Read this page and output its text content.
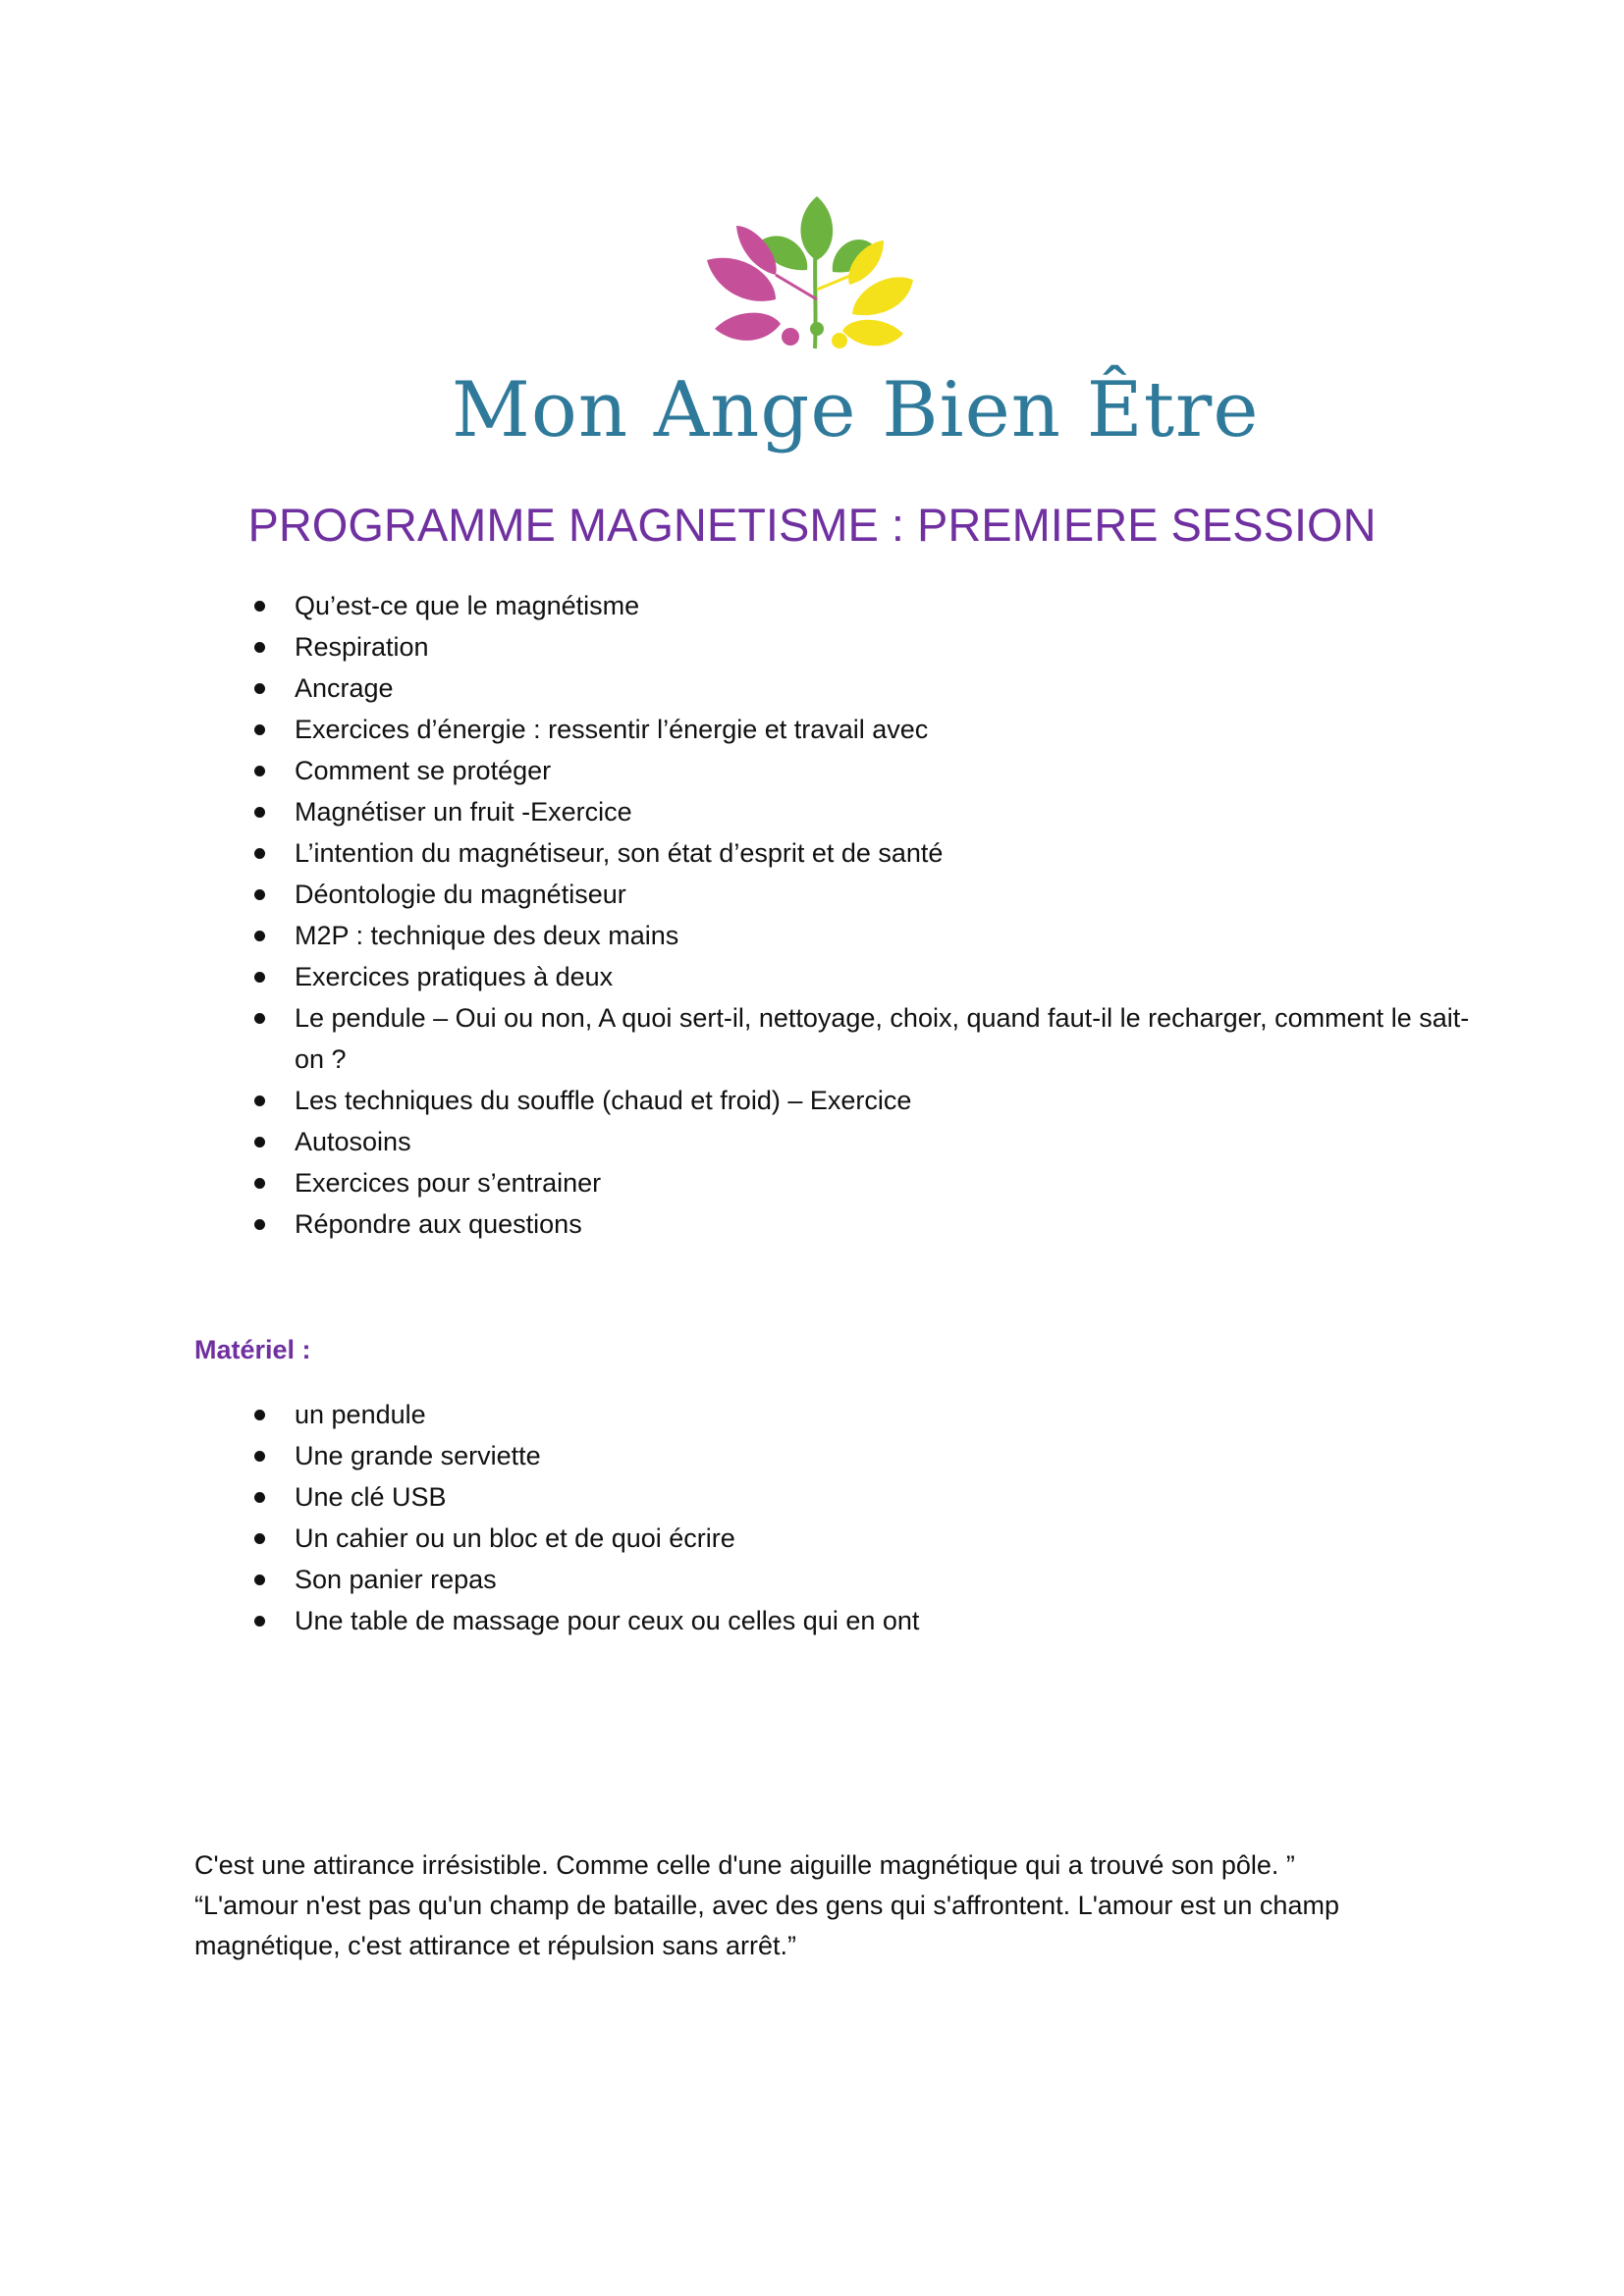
Mon Ange Bien Être
PROGRAMME MAGNETISME : PREMIERE SESSION
Qu’est-ce que le magnétisme
Respiration
Ancrage
Exercices d’énergie : ressentir l’énergie et travail avec
Comment se protéger
Magnétiser un fruit -Exercice
L’intention du magnétiseur, son état d’esprit et de santé
Déontologie du magnétiseur
M2P : technique des deux mains
Exercices pratiques à deux
Le pendule – Oui ou non, A quoi sert-il, nettoyage, choix, quand faut-il le recharger, comment le sait-on ?
Les techniques du souffle (chaud et froid) – Exercice
Autosoins
Exercices pour s’entrainer
Répondre aux questions
Matériel :
un pendule
Une grande serviette
Une clé USB
Un cahier ou un bloc et de quoi écrire
Son panier repas
Une table de massage pour ceux ou celles qui en ont

C'est une attirance irrésistible. Comme celle d'une aiguille magnétique qui a trouvé son pôle. ”

“L'amour n'est pas qu'un champ de bataille, avec des gens qui s'affrontent. L'amour est un champ magnétique, c'est attirance et répulsion sans arrêt.”
